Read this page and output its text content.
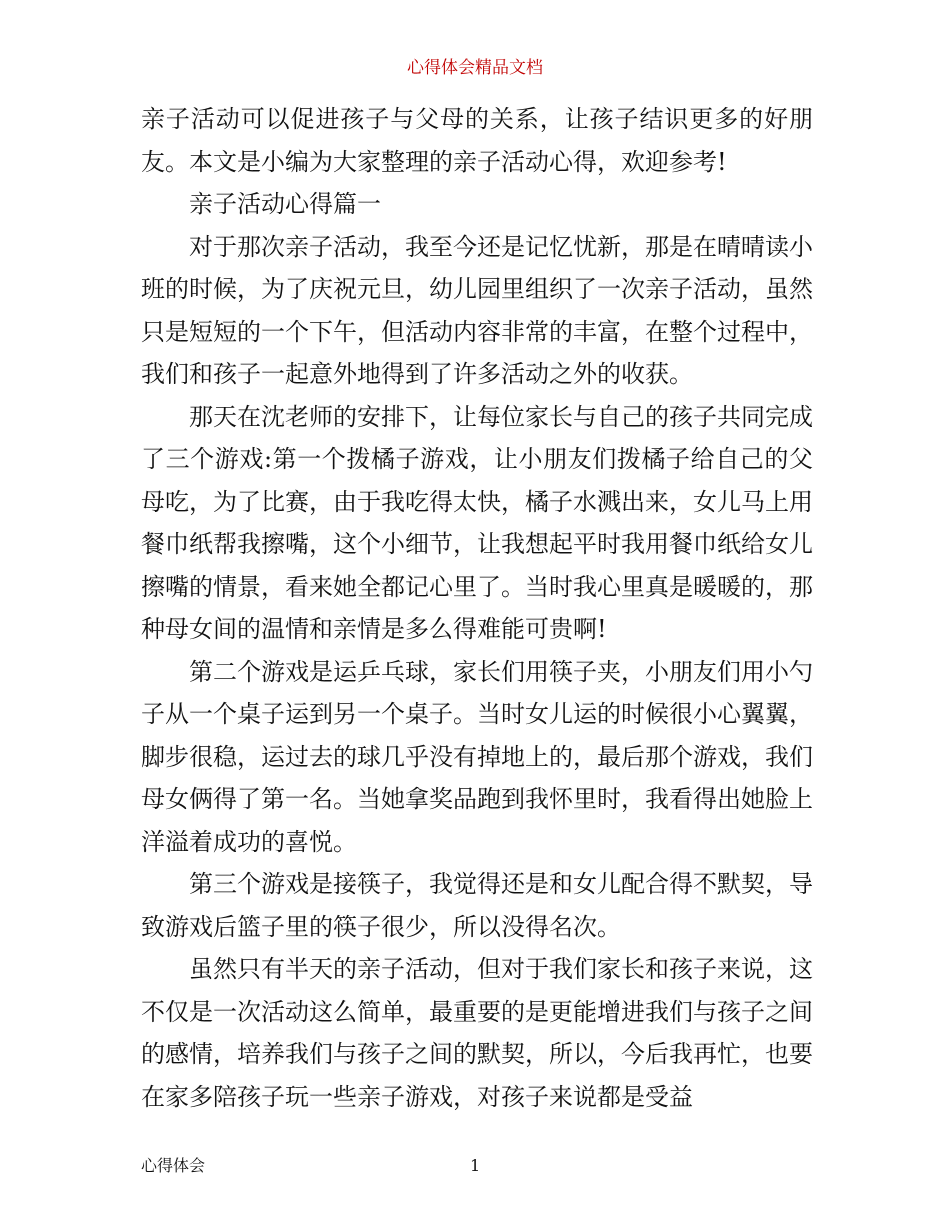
心得体会精品文档

亲子活动可以促进孩子与父母的关系，让孩子结识更多的好朋友。本文是小编为大家整理的亲子活动心得，欢迎参考!

亲子活动心得篇一

对于那次亲子活动，我至今还是记忆忧新，那是在晴晴读小班的时候，为了庆祝元旦，幼儿园里组织了一次亲子活动，虽然只是短短的一个下午，但活动内容非常的丰富，在整个过程中，我们和孩子一起意外地得到了许多活动之外的收获。

那天在沈老师的安排下，让每位家长与自己的孩子共同完成了三个游戏:第一个拨橘子游戏，让小朋友们拨橘子给自己的父母吃，为了比赛，由于我吃得太快，橘子水溅出来，女儿马上用餐巾纸帮我擦嘴，这个小细节，让我想起平时我用餐巾纸给女儿擦嘴的情景，看来她全都记心里了。当时我心里真是暖暖的，那种母女间的温情和亲情是多么得难能可贵啊!

第二个游戏是运乒乓球，家长们用筷子夹，小朋友们用小勺子从一个桌子运到另一个桌子。当时女儿运的时候很小心翼翼，脚步很稳，运过去的球几乎没有掉地上的，最后那个游戏，我们母女俩得了第一名。当她拿奖品跑到我怀里时，我看得出她脸上洋溢着成功的喜悦。

第三个游戏是接筷子，我觉得还是和女儿配合得不默契，导致游戏后篮子里的筷子很少，所以没得名次。

虽然只有半天的亲子活动，但对于我们家长和孩子来说，这不仅是一次活动这么简单，最重要的是更能增进我们与孩子之间的感情，培养我们与孩子之间的默契，所以，今后我再忙，也要在家多陪孩子玩一些亲子游戏，对孩子来说都是受益

心得体会	1
